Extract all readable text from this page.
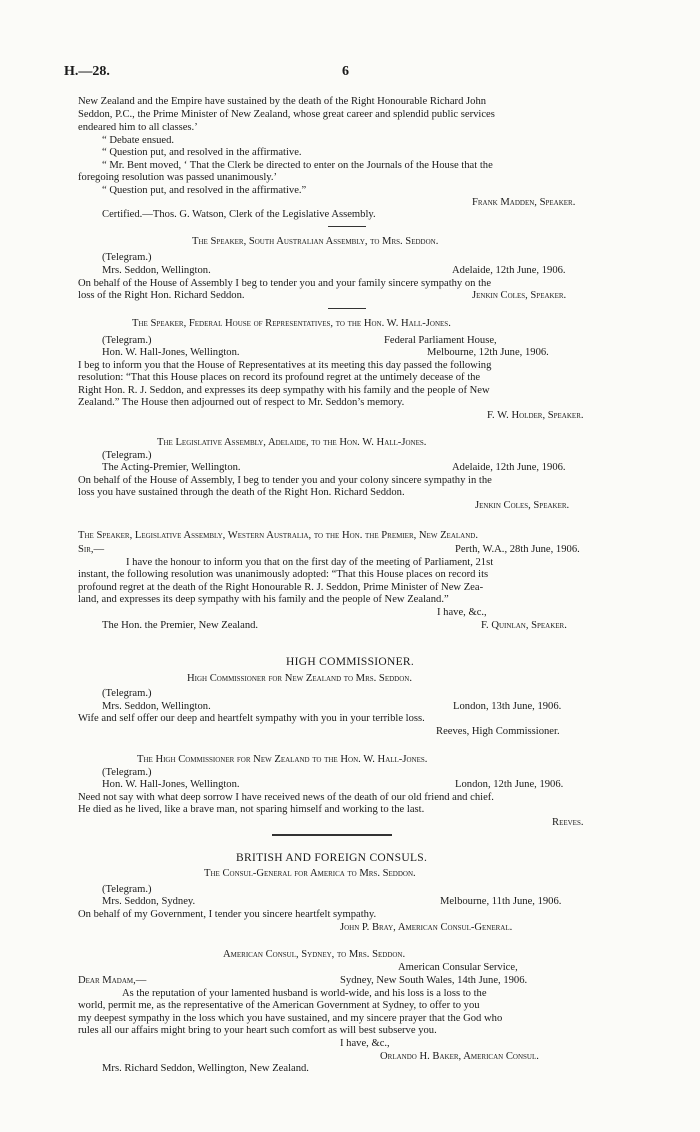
H.—28.	6
New Zealand and the Empire have sustained by the death of the Right Honourable Richard John
Seddon, P.C., the Prime Minister of New Zealand, whose great career and splendid public services
endeared him to all classes.’
“ Debate ensued.
“ Question put, and resolved in the affirmative.
“ Mr. Bent moved, ‘ That the Clerk be directed to enter on the Journals of the House that the
foregoing resolution was passed unanimously.’
“ Question put, and resolved in the affirmative.”
Frank Madden, Speaker.
Certified.—Thos. G. Watson, Clerk of the Legislative Assembly.
The Speaker, South Australian Assembly, to Mrs. Seddon.
(Telegram.)
Mrs. Seddon, Wellington.	Adelaide, 12th June, 1906.
On behalf of the House of Assembly I beg to tender you and your family sincere sympathy on the
loss of the Right Hon. Richard Seddon.	Jenkin Coles, Speaker.
The Speaker, Federal House of Representatives, to the Hon. W. Hall-Jones.
(Telegram.)	Federal Parliament House,
Hon. W. Hall-Jones, Wellington.	Melbourne, 12th June, 1906.
I beg to inform you that the House of Representatives at its meeting this day passed the following
resolution: “That this House places on record its profound regret at the untimely decease of the
Right Hon. R. J. Seddon, and expresses its deep sympathy with his family and the people of New
Zealand.” The House then adjourned out of respect to Mr. Seddon’s memory.
F. W. Holder, Speaker.
The Legislative Assembly, Adelaide, to the Hon. W. Hall-Jones.
(Telegram.)
The Acting-Premier, Wellington.	Adelaide, 12th June, 1906.
On behalf of the House of Assembly, I beg to tender you and your colony sincere sympathy in the
loss you have sustained through the death of the Right Hon. Richard Seddon.
Jenkin Coles, Speaker.
The Speaker, Legislative Assembly, Western Australia, to the Hon. the Premier, New Zealand.
Sir,—	Perth, W.A., 28th June, 1906.
I have the honour to inform you that on the first day of the meeting of Parliament, 21st
instant, the following resolution was unanimously adopted: “That this House places on record its
profound regret at the death of the Right Honourable R. J. Seddon, Prime Minister of New Zea-
land, and expresses its deep sympathy with his family and the people of New Zealand.”
I have, &c.,
The Hon. the Premier, New Zealand.	F. Quinlan, Speaker.
HIGH COMMISSIONER.
High Commissioner for New Zealand to Mrs. Seddon.
(Telegram.)
Mrs. Seddon, Wellington.	London, 13th June, 1906.
Wife and self offer our deep and heartfelt sympathy with you in your terrible loss.
Reeves, High Commissioner.
The High Commissioner for New Zealand to the Hon. W. Hall-Jones.
(Telegram.)
Hon. W. Hall-Jones, Wellington.	London, 12th June, 1906.
Need not say with what deep sorrow I have received news of the death of our old friend and chief.
He died as he lived, like a brave man, not sparing himself and working to the last.
Reeves.
BRITISH AND FOREIGN CONSULS.
The Consul-General for America to Mrs. Seddon.
(Telegram.)
Mrs. Seddon, Sydney.	Melbourne, 11th June, 1906.
On behalf of my Government, I tender you sincere heartfelt sympathy.
John P. Bray, American Consul-General.
American Consul, Sydney, to Mrs. Seddon.
American Consular Service,
Dear Madam,—	Sydney, New South Wales, 14th June, 1906.
As the reputation of your lamented husband is world-wide, and his loss is a loss to the
world, permit me, as the representative of the American Government at Sydney, to offer to you
my deepest sympathy in the loss which you have sustained, and my sincere prayer that the God who
rules all our affairs might bring to your heart such comfort as will best subserve you.
I have, &c.,
Orlando H. Baker, American Consul.
Mrs. Richard Seddon, Wellington, New Zealand.
